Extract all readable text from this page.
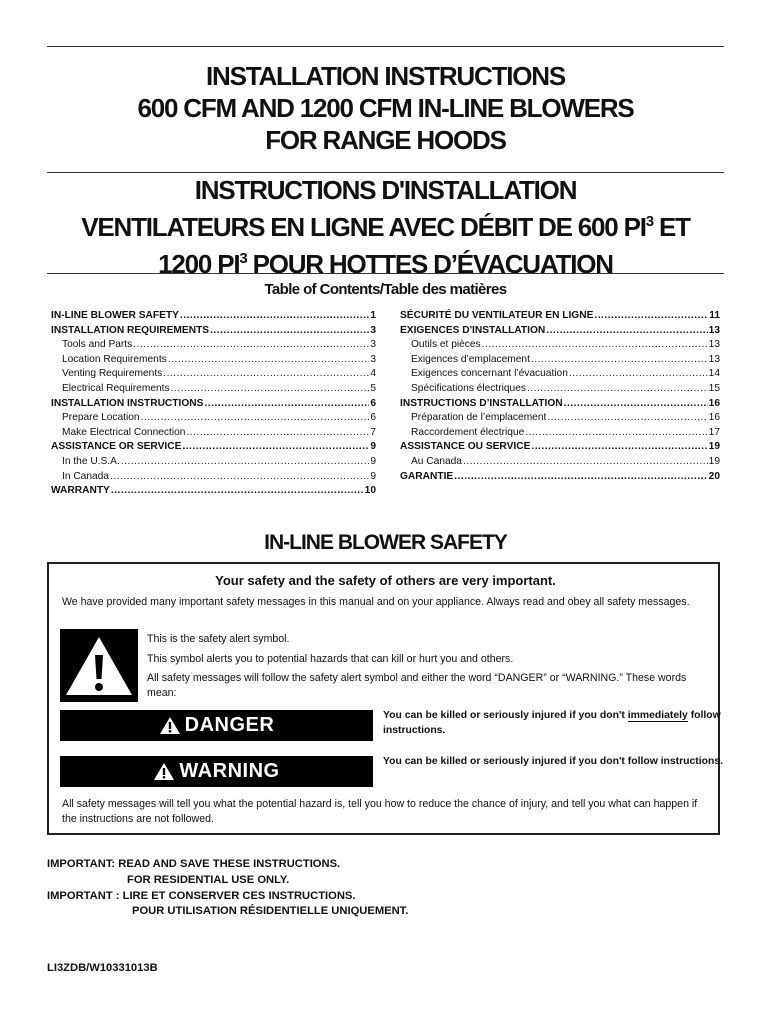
INSTALLATION INSTRUCTIONS
600 CFM AND 1200 CFM IN-LINE BLOWERS
FOR RANGE HOODS
INSTRUCTIONS D'INSTALLATION
VENTILATEURS EN LIGNE AVEC DÉBIT DE 600 $PI^3$ ET
1200 $PI^3$ POUR HOTTES D’ÉVACUATION
Table of Contents/Table des matières
IN-LINE BLOWER SAFETY .....	1
INSTALLATION REQUIREMENTS .....	3
Tools and Parts .....	3
Location Requirements .....	3
Venting Requirements .....	4
Electrical Requirements .....	5
INSTALLATION INSTRUCTIONS .....	6
Prepare Location .....	6
Make Electrical Connection .....	7
ASSISTANCE OR SERVICE .....	9
In the U.S.A. .....	9
In Canada .....	9
WARRANTY .....	10
SÉCURITÉ DU VENTILATEUR EN LIGNE .....	11
EXIGENCES D'INSTALLATION .....	13
Outils et pièces .....	13
Exigences d’emplacement .....	13
Exigences concernant l’évacuation .....	14
Spécifications électriques .....	15
INSTRUCTIONS D’INSTALLATION .....	16
Préparation de l’emplacement .....	16
Raccordement électrique .....	17
ASSISTANCE OU SERVICE .....	19
Au Canada .....	19
GARANTIE .....	20
IN-LINE BLOWER SAFETY
Your safety and the safety of others are very important.
We have provided many important safety messages in this manual and on your appliance. Always read and obey all safety messages.
This is the safety alert symbol.
This symbol alerts you to potential hazards that can kill or hurt you and others.
All safety messages will follow the safety alert symbol and either the word “DANGER” or “WARNING.” These words mean:
DANGER	You can be killed or seriously injured if you don't immediately follow instructions.
WARNING	You can be killed or seriously injured if you don't follow instructions.
All safety messages will tell you what the potential hazard is, tell you how to reduce the chance of injury, and tell you what can happen if the instructions are not followed.
IMPORTANT: READ AND SAVE THESE INSTRUCTIONS.
FOR RESIDENTIAL USE ONLY.
IMPORTANT : LIRE ET CONSERVER CES INSTRUCTIONS.
POUR UTILISATION RÉSIDENTIELLE UNIQUEMENT.
LI3ZDB/W10331013B
